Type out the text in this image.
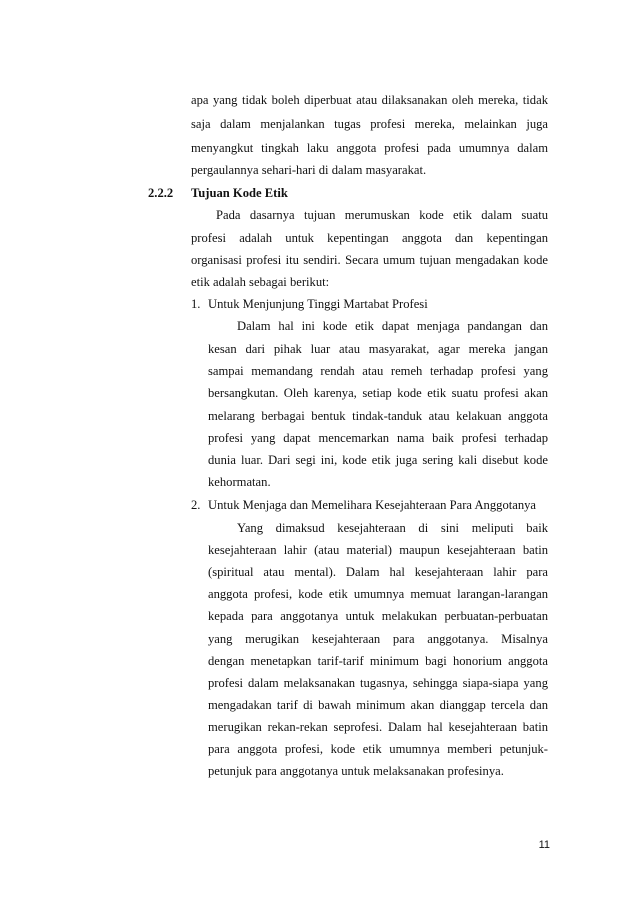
apa yang tidak boleh diperbuat atau dilaksanakan oleh mereka, tidak

saja dalam menjalankan tugas profesi mereka, melainkan juga

menyangkut tingkah laku anggota profesi pada umumnya dalam

pergaulannya sehari-hari di dalam masyarakat.

2.2.2 Tujuan Kode Etik

Pada dasarnya tujuan merumuskan kode etik dalam suatu

profesi adalah untuk kepentingan anggota dan kepentingan

organisasi profesi itu sendiri. Secara umum tujuan mengadakan kode

etik adalah sebagai berikut:

1. Untuk Menjunjung Tinggi Martabat Profesi

Dalam hal ini kode etik dapat menjaga pandangan dan

kesan dari pihak luar atau masyarakat, agar mereka jangan

sampai memandang rendah atau remeh terhadap profesi yang

bersangkutan. Oleh karenya, setiap kode etik suatu profesi akan

melarang berbagai bentuk tindak-tanduk atau kelakuan anggota

profesi yang dapat mencemarkan nama baik profesi terhadap

dunia luar. Dari segi ini, kode etik juga sering kali disebut kode

kehormatan.

2. Untuk Menjaga dan Memelihara Kesejahteraan Para Anggotanya

Yang dimaksud kesejahteraan di sini meliputi baik

kesejahteraan lahir (atau material) maupun kesejahteraan batin

(spiritual atau mental). Dalam hal kesejahteraan lahir para

anggota profesi, kode etik umumnya memuat larangan-larangan

kepada para anggotanya untuk melakukan perbuatan-perbuatan

yang merugikan kesejahteraan para anggotanya. Misalnya

dengan menetapkan tarif-tarif minimum bagi honorium anggota

profesi dalam melaksanakan tugasnya, sehingga siapa-siapa yang

mengadakan tarif di bawah minimum akan dianggap tercela dan

merugikan rekan-rekan seprofesi. Dalam hal kesejahteraan batin

para anggota profesi, kode etik umumnya memberi petunjuk-

petunjuk para anggotanya untuk melaksanakan profesinya.

11
